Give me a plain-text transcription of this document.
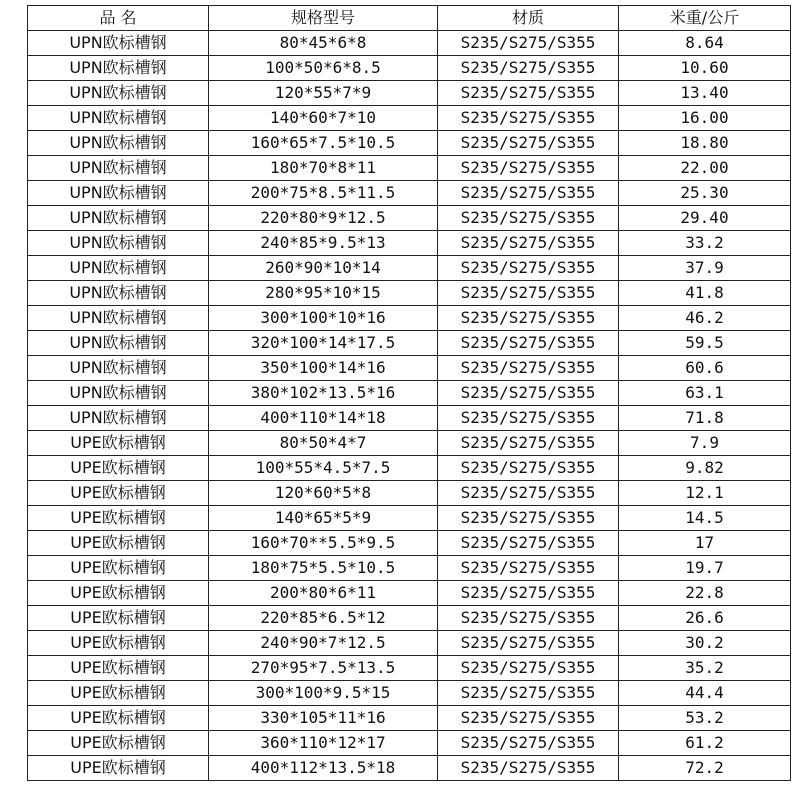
品 名	规格型号	材质	米重/公斤
UPN欧标槽钢	80*45*6*8	S235/S275/S355	8.64
UPN欧标槽钢	100*50*6*8.5	S235/S275/S355	10.60
UPN欧标槽钢	120*55*7*9	S235/S275/S355	13.40
UPN欧标槽钢	140*60*7*10	S235/S275/S355	16.00
UPN欧标槽钢	160*65*7.5*10.5	S235/S275/S355	18.80
UPN欧标槽钢	180*70*8*11	S235/S275/S355	22.00
UPN欧标槽钢	200*75*8.5*11.5	S235/S275/S355	25.30
UPN欧标槽钢	220*80*9*12.5	S235/S275/S355	29.40
UPN欧标槽钢	240*85*9.5*13	S235/S275/S355	33.2
UPN欧标槽钢	260*90*10*14	S235/S275/S355	37.9
UPN欧标槽钢	280*95*10*15	S235/S275/S355	41.8
UPN欧标槽钢	300*100*10*16	S235/S275/S355	46.2
UPN欧标槽钢	320*100*14*17.5	S235/S275/S355	59.5
UPN欧标槽钢	350*100*14*16	S235/S275/S355	60.6
UPN欧标槽钢	380*102*13.5*16	S235/S275/S355	63.1
UPN欧标槽钢	400*110*14*18	S235/S275/S355	71.8
UPE欧标槽钢	80*50*4*7	S235/S275/S355	7.9
UPE欧标槽钢	100*55*4.5*7.5	S235/S275/S355	9.82
UPE欧标槽钢	120*60*5*8	S235/S275/S355	12.1
UPE欧标槽钢	140*65*5*9	S235/S275/S355	14.5
UPE欧标槽钢	160*70**5.5*9.5	S235/S275/S355	17
UPE欧标槽钢	180*75*5.5*10.5	S235/S275/S355	19.7
UPE欧标槽钢	200*80*6*11	S235/S275/S355	22.8
UPE欧标槽钢	220*85*6.5*12	S235/S275/S355	26.6
UPE欧标槽钢	240*90*7*12.5	S235/S275/S355	30.2
UPE欧标槽钢	270*95*7.5*13.5	S235/S275/S355	35.2
UPE欧标槽钢	300*100*9.5*15	S235/S275/S355	44.4
UPE欧标槽钢	330*105*11*16	S235/S275/S355	53.2
UPE欧标槽钢	360*110*12*17	S235/S275/S355	61.2
UPE欧标槽钢	400*112*13.5*18	S235/S275/S355	72.2
